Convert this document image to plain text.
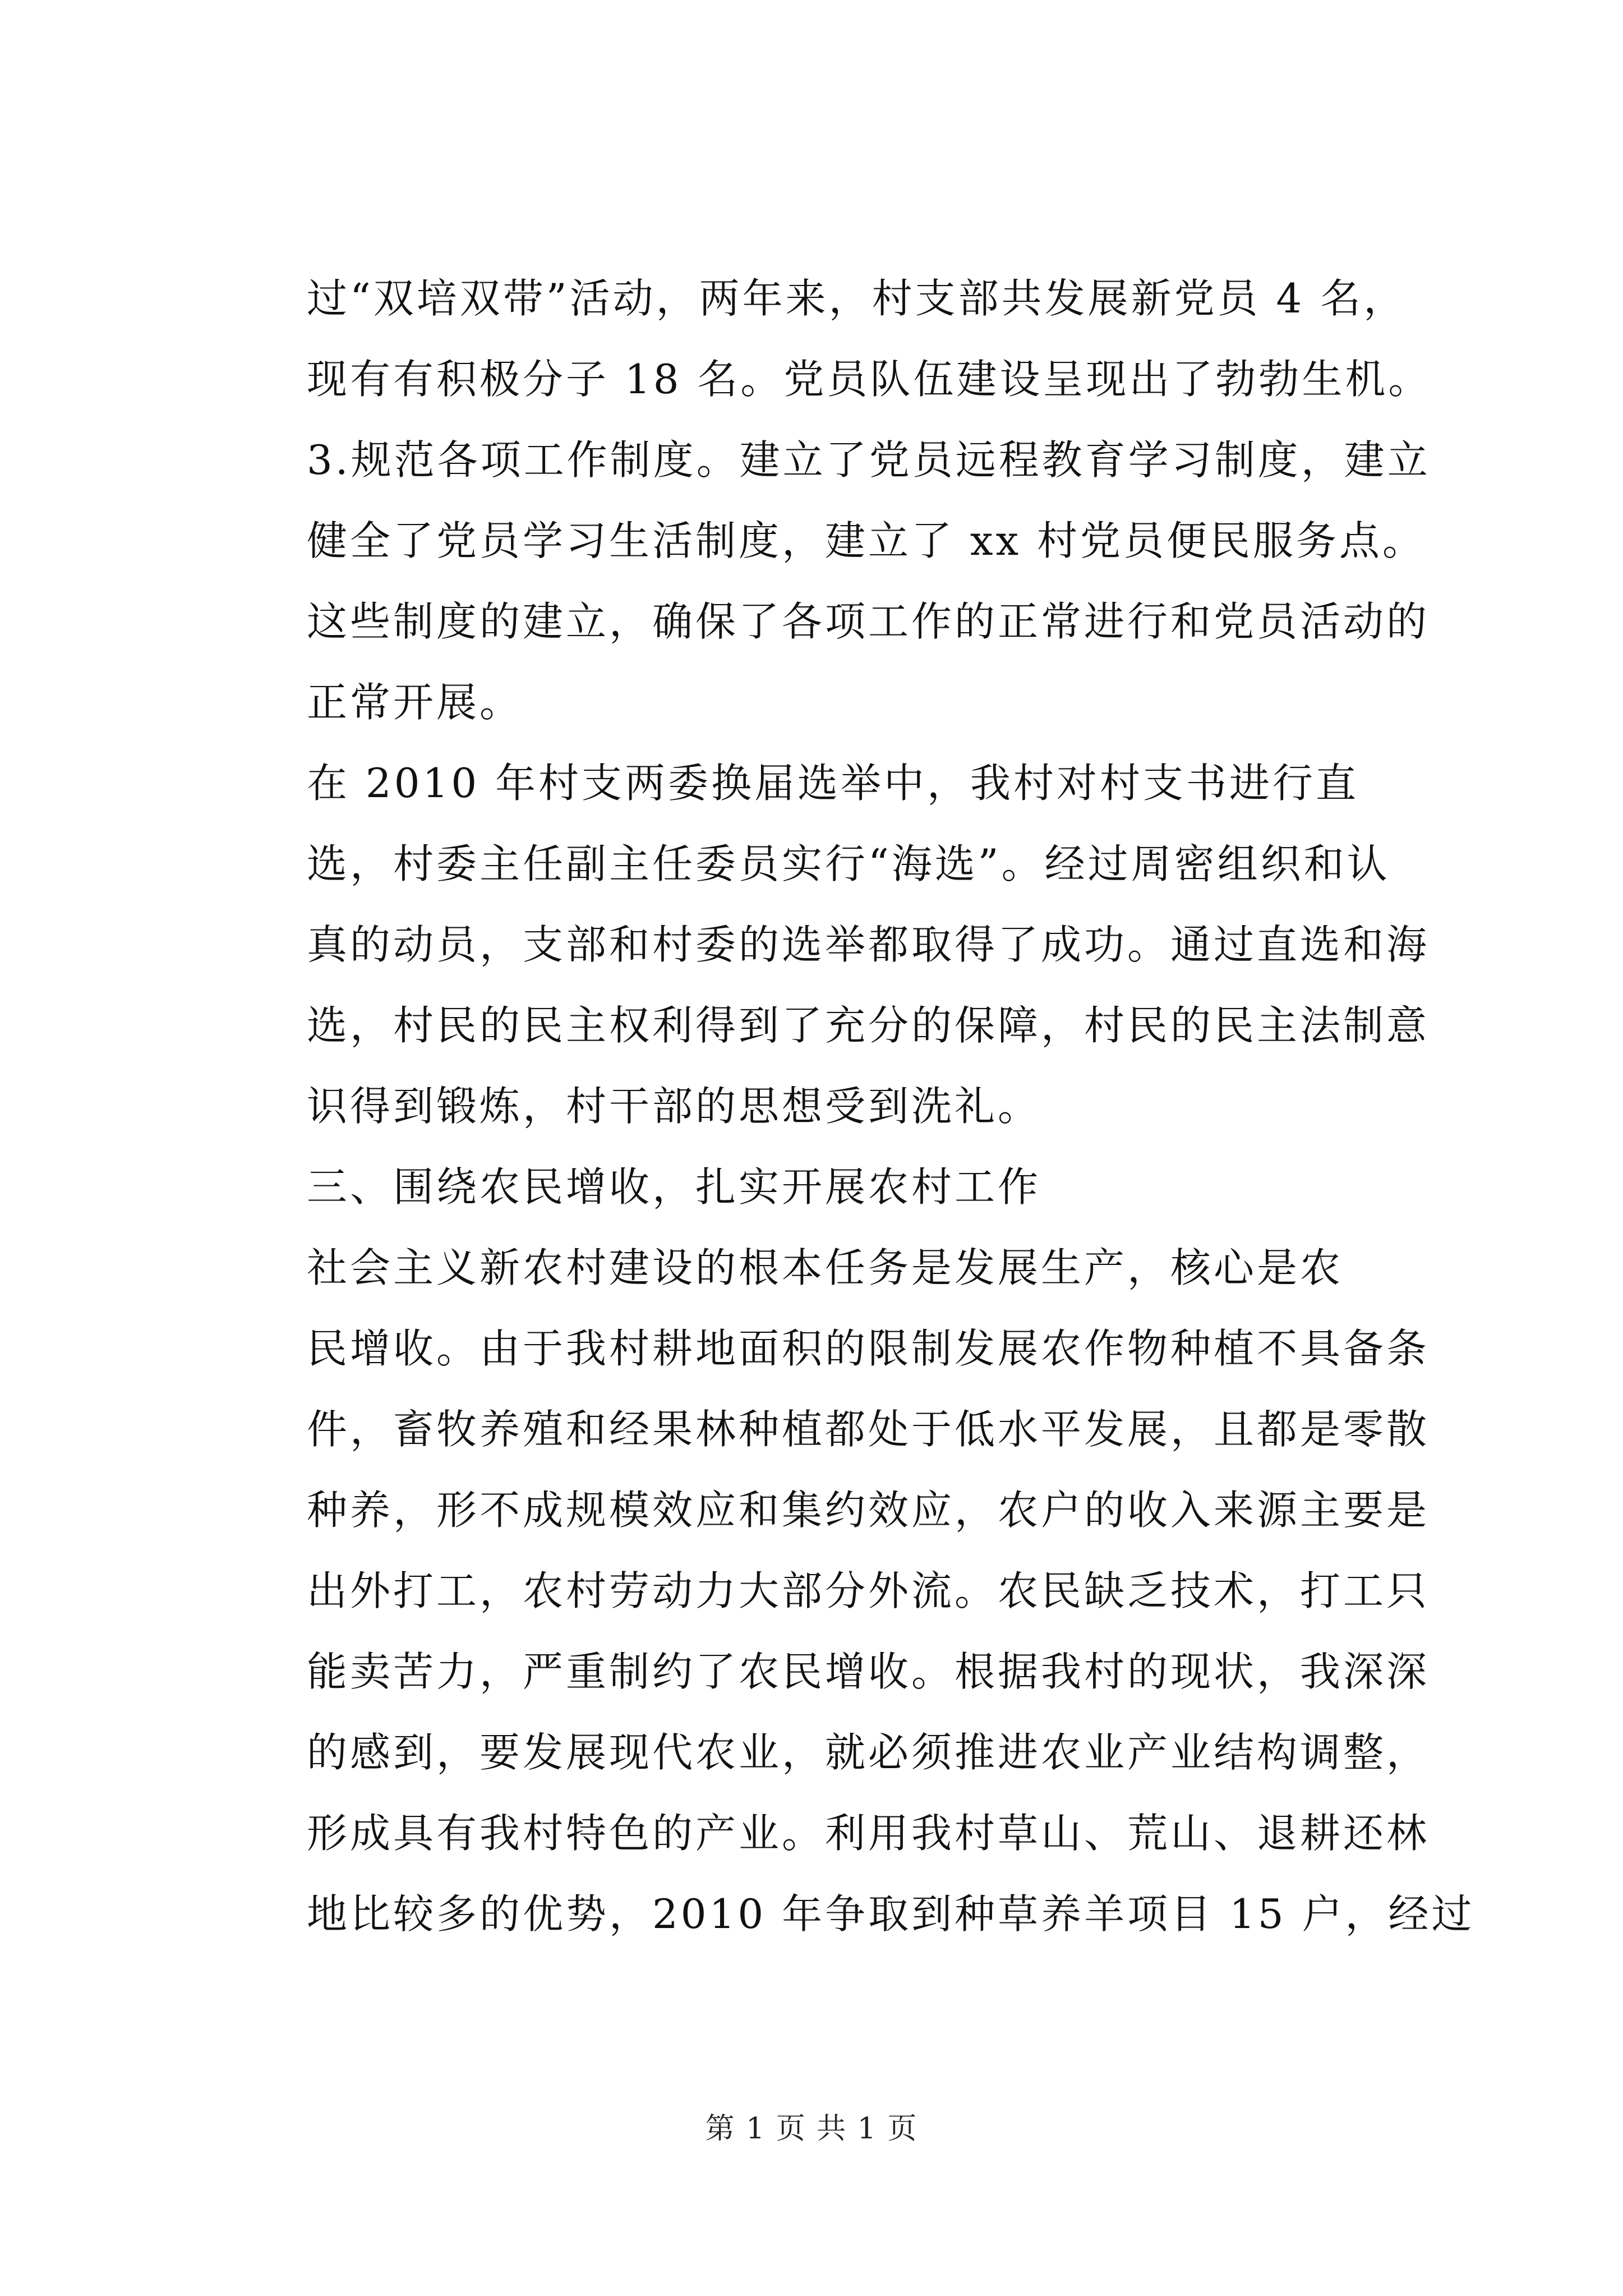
过“双培双带”活动，两年来，村支部共发展新党员 4 名，
现有有积极分子 18 名。党员队伍建设呈现出了勃勃生机。
3.规范各项工作制度。建立了党员远程教育学习制度，建立
健全了党员学习生活制度，建立了 xx 村党员便民服务点。
这些制度的建立，确保了各项工作的正常进行和党员活动的
正常开展。
在 2010 年村支两委换届选举中，我村对村支书进行直
选，村委主任副主任委员实行“海选”。经过周密组织和认
真的动员，支部和村委的选举都取得了成功。通过直选和海
选，村民的民主权利得到了充分的保障，村民的民主法制意
识得到锻炼，村干部的思想受到洗礼。
三、围绕农民增收，扎实开展农村工作
社会主义新农村建设的根本任务是发展生产，核心是农
民增收。由于我村耕地面积的限制发展农作物种植不具备条
件，畜牧养殖和经果林种植都处于低水平发展，且都是零散
种养，形不成规模效应和集约效应，农户的收入来源主要是
出外打工，农村劳动力大部分外流。农民缺乏技术，打工只
能卖苦力，严重制约了农民增收。根据我村的现状，我深深
的感到，要发展现代农业，就必须推进农业产业结构调整，
形成具有我村特色的产业。利用我村草山、荒山、退耕还林
地比较多的优势，2010 年争取到种草养羊项目 15 户，经过
第 1 页 共 1 页
